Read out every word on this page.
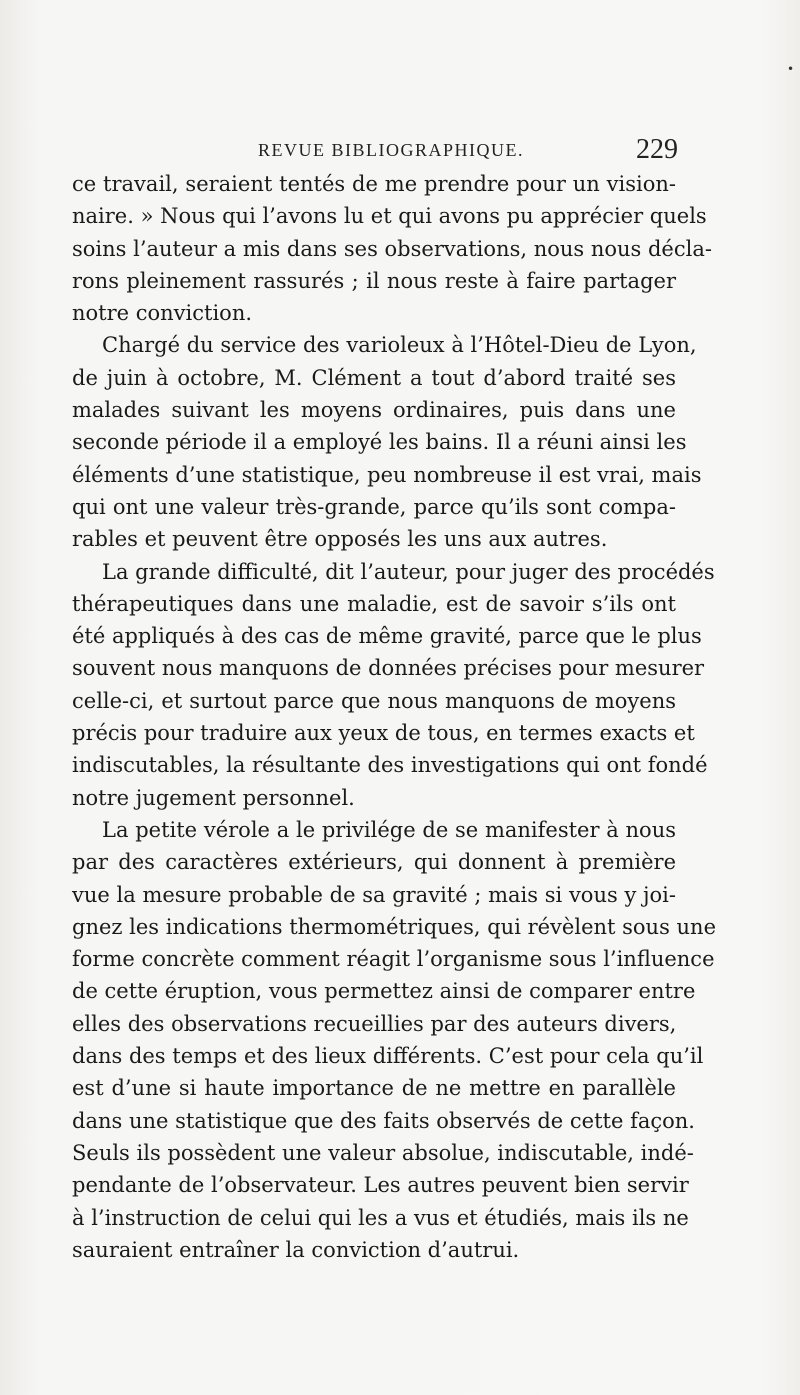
•
REVUE BIBLIOGRAPHIQUE.	229
ce travail, seraient tentés de me prendre pour un vision-
naire. » Nous qui l’avons lu et qui avons pu apprécier quels
soins l’auteur a mis dans ses observations, nous nous décla-
rons pleinement rassurés ; il nous reste à faire partager
notre conviction.
Chargé du service des varioleux à l’Hôtel-Dieu de Lyon,
de juin à octobre, M. Clément a tout d’abord traité ses
malades suivant les moyens ordinaires, puis dans une
seconde période il a employé les bains. Il a réuni ainsi les
éléments d’une statistique, peu nombreuse il est vrai, mais
qui ont une valeur très-grande, parce qu’ils sont compa-
rables et peuvent être opposés les uns aux autres.
La grande difficulté, dit l’auteur, pour juger des procédés
thérapeutiques dans une maladie, est de savoir s’ils ont
été appliqués à des cas de même gravité, parce que le plus
souvent nous manquons de données précises pour mesurer
celle-ci, et surtout parce que nous manquons de moyens
précis pour traduire aux yeux de tous, en termes exacts et
indiscutables, la résultante des investigations qui ont fondé
notre jugement personnel.
La petite vérole a le privilége de se manifester à nous
par des caractères extérieurs, qui donnent à première
vue la mesure probable de sa gravité ; mais si vous y joi-
gnez les indications thermométriques, qui révèlent sous une
forme concrète comment réagit l’organisme sous l’influence
de cette éruption, vous permettez ainsi de comparer entre
elles des observations recueillies par des auteurs divers,
dans des temps et des lieux différents. C’est pour cela qu’il
est d’une si haute importance de ne mettre en parallèle
dans une statistique que des faits observés de cette façon.
Seuls ils possèdent une valeur absolue, indiscutable, indé-
pendante de l’observateur. Les autres peuvent bien servir
à l’instruction de celui qui les a vus et étudiés, mais ils ne
sauraient entraîner la conviction d’autrui.
